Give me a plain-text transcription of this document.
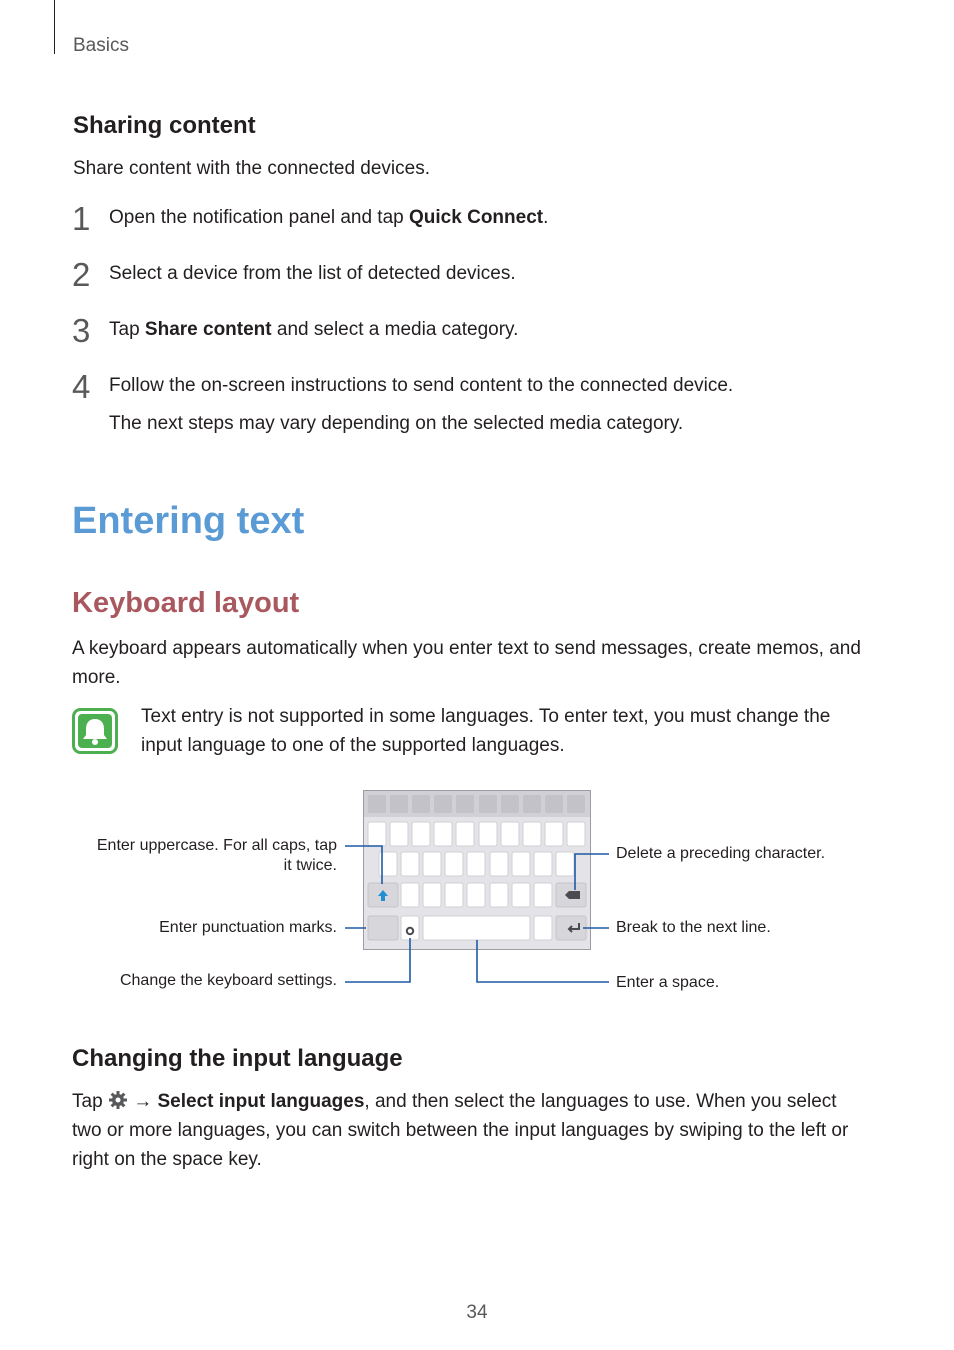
Basics
Sharing content
Share content with the connected devices.
1 Open the notification panel and tap Quick Connect.
2 Select a device from the list of detected devices.
3 Tap Share content and select a media category.
4 Follow the on-screen instructions to send content to the connected device.
The next steps may vary depending on the selected media category.
Entering text
Keyboard layout
A keyboard appears automatically when you enter text to send messages, create memos, and
more.
Text entry is not supported in some languages. To enter text, you must change the
input language to one of the supported languages.
Enter uppercase. For all caps, tap
it twice.
Enter punctuation marks.
Change the keyboard settings.
Delete a preceding character.
Break to the next line.
Enter a space.
Changing the input language
Tap  → Select input languages, and then select the languages to use. When you select
two or more languages, you can switch between the input languages by swiping to the left or
right on the space key.
34
